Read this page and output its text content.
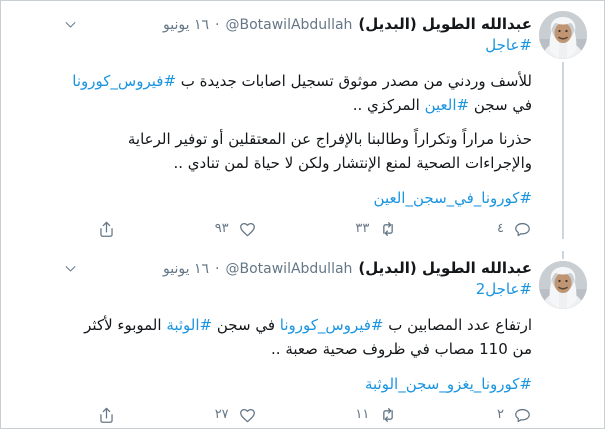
عبدالله الطويل (البديل)
@BotawilAbdullah
·
١٦ يونيو
#عاجل

للأسف وردني من مصدر موثوق تسجيل اصابات جديدة ب #فيروس_كورونا في سجن #العين المركزي ..

حذرنا مراراً وتكراراً وطالبنا بالإفراج عن المعتقلين أو توفير الرعاية والإجراءات الصحية لمنع الإنتشار ولكن لا حياة لمن تنادي ..

#كورونا_في_سجن_العين
٤
٣٣
٩٣
عبدالله الطويل (البديل)
@BotawilAbdullah
·
١٦ يونيو
#عاجل2

ارتفاع عدد المصابين ب #فيروس_كورونا في سجن #الوثبة الموبوء لأكثر من 110 مصاب في ظروف صحية صعبة ..

#كورونا_يغزو_سجن_الوثبة
٢
١١
٢٧
